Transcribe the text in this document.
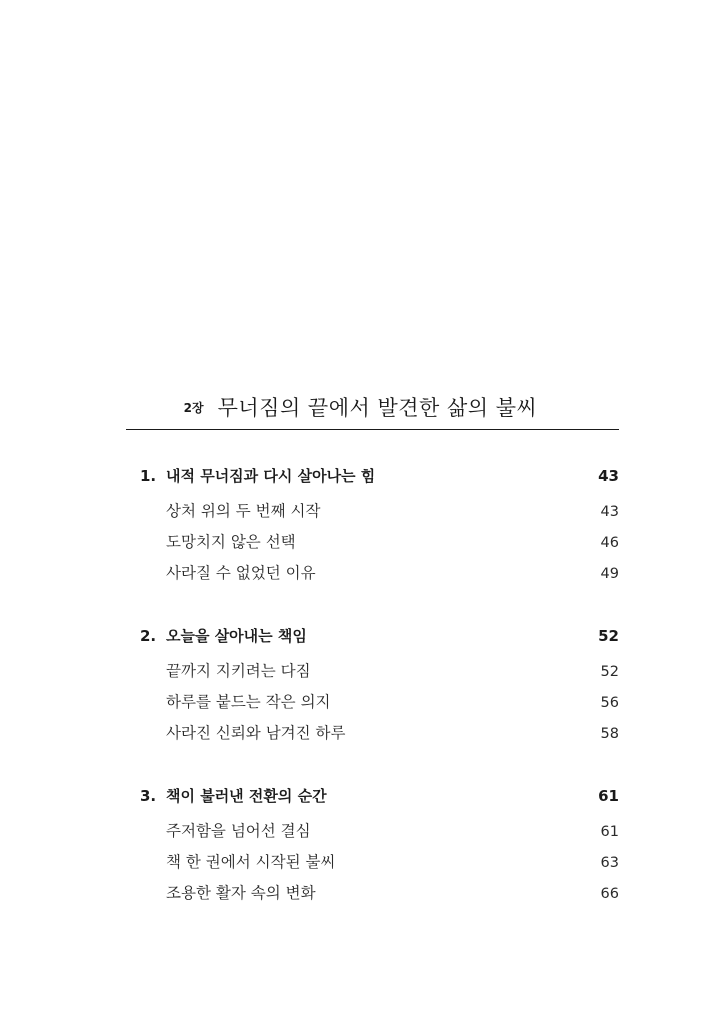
2장 무너짐의 끝에서 발견한 삶의 불씨
1. 내적 무너짐과 다시 살아나는 힘	43
상처 위의 두 번째 시작	43
도망치지 않은 선택	46
사라질 수 없었던 이유	49
2. 오늘을 살아내는 책임	52
끝까지 지키려는 다짐	52
하루를 붙드는 작은 의지	56
사라진 신뢰와 남겨진 하루	58
3. 책이 불러낸 전환의 순간	61
주저함을 넘어선 결심	61
책 한 권에서 시작된 불씨	63
조용한 활자 속의 변화	66
